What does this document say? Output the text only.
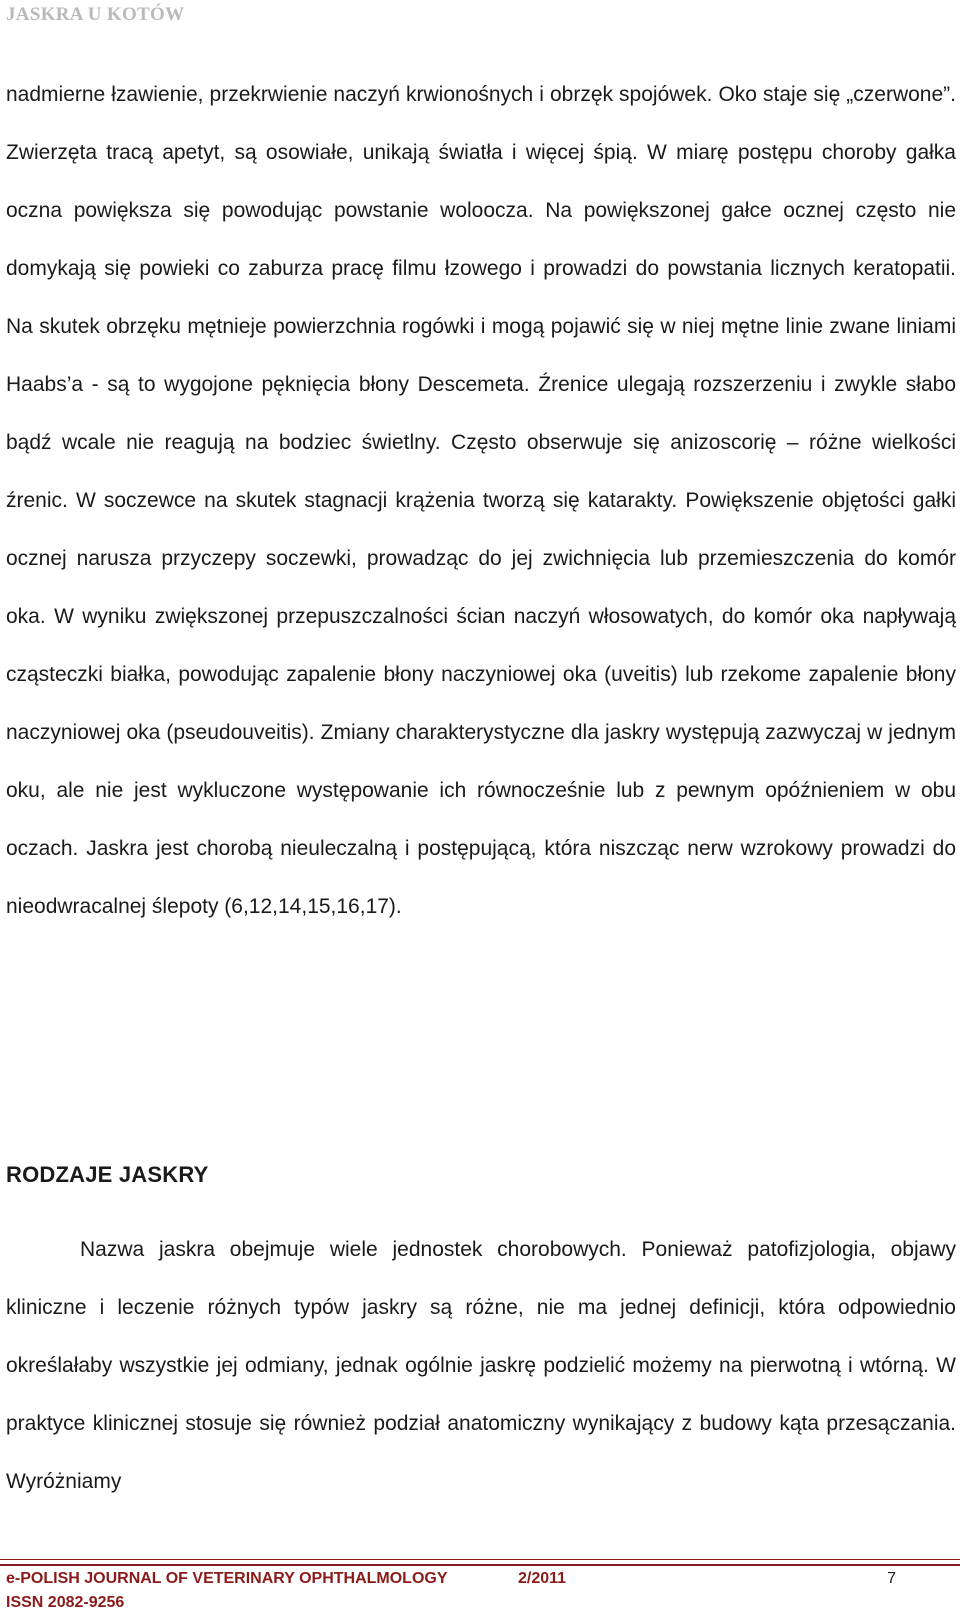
JASKRA U KOTÓW

nadmierne łzawienie, przekrwienie naczyń krwionośnych i obrzęk spojówek. Oko staje się „czerwone”. Zwierzęta tracą apetyt, są osowiałe, unikają światła i więcej śpią. W miarę postępu choroby gałka oczna powiększa się powodując powstanie woloocza. Na powiększonej gałce ocznej często nie domykają się powieki co zaburza pracę filmu łzowego i prowadzi do powstania licznych keratopatii. Na skutek obrzęku mętnieje powierzchnia rogówki i mogą pojawić się w niej mętne linie zwane liniami Haabs’a - są to wygojone pęknięcia błony Descemeta. Źrenice ulegają rozszerzeniu i zwykle słabo bądź wcale nie reagują na bodziec świetlny. Często obserwuje się anizoscorię – różne wielkości źrenic. W soczewce na skutek stagnacji krążenia tworzą się katarakty. Powiększenie objętości gałki ocznej narusza przyczepy soczewki, prowadząc do jej zwichnięcia lub przemieszczenia do komór oka. W wyniku zwiększonej przepuszczalności ścian naczyń włosowatych, do komór oka napływają cząsteczki białka, powodując zapalenie błony naczyniowej oka (uveitis) lub rzekome zapalenie błony naczyniowej oka (pseudouveitis). Zmiany charakterystyczne dla jaskry występują zazwyczaj w jednym oku, ale nie jest wykluczone występowanie ich równocześnie lub z pewnym opóźnieniem w obu oczach. Jaskra jest chorobą nieuleczalną i postępującą, która niszcząc nerw wzrokowy prowadzi do nieodwracalnej ślepoty (6,12,14,15,16,17).

RODZAJE JASKRY

Nazwa jaskra obejmuje wiele jednostek chorobowych. Ponieważ patofizjologia, objawy kliniczne i leczenie różnych typów jaskry są różne, nie ma jednej definicji, która odpowiednio określałaby wszystkie jej odmiany, jednak ogólnie jaskrę podzielić możemy na pierwotną i wtórną. W praktyce klinicznej stosuje się również podział anatomiczny wynikający z budowy kąta przesączania. Wyróżniamy

e-POLISH JOURNAL OF VETERINARY OPHTHALMOLOGY	2/2011	7
ISSN 2082-9256
